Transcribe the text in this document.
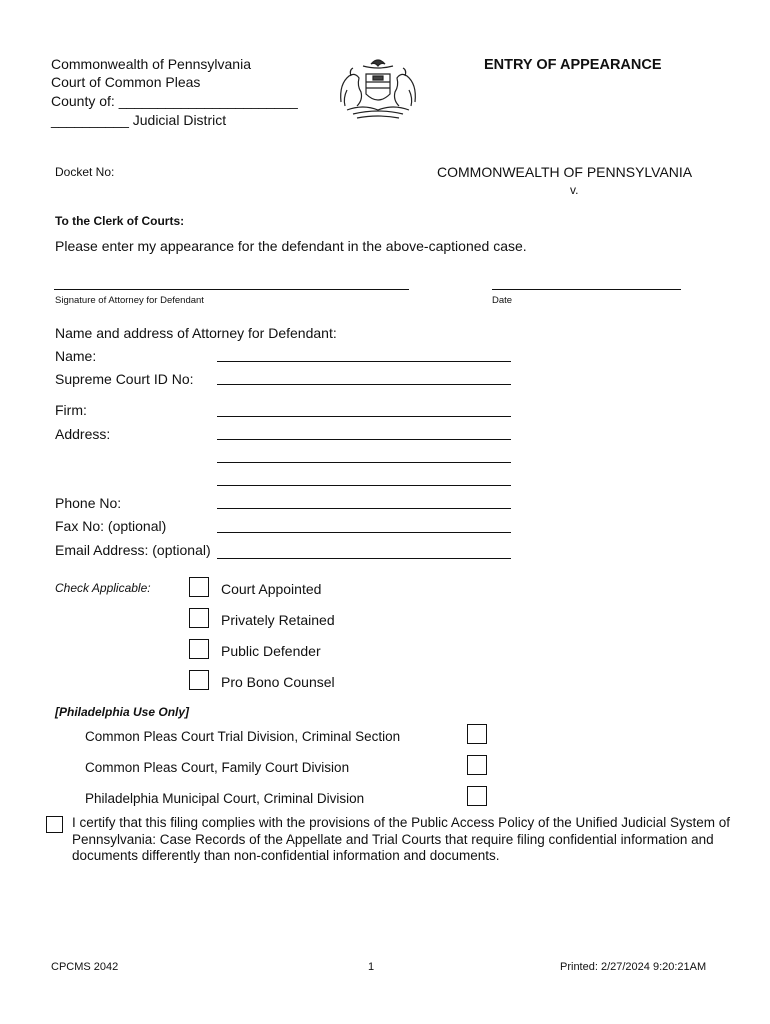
Commonwealth of Pennsylvania
Court of Common Pleas
County of: _______________________
__________ Judicial District
ENTRY OF APPEARANCE
Docket No:	COMMONWEALTH OF PENNSYLVANIA
v.
To the Clerk of Courts:
Please enter my appearance for the defendant in the above-captioned case.
Signature of Attorney for Defendant	Date
Name and address of Attorney for Defendant:
Name:
Supreme Court ID No:
Firm:
Address:
Phone No:
Fax No: (optional)
Email Address: (optional)
Check Applicable:	Court Appointed
Privately Retained
Public Defender
Pro Bono Counsel
[Philadelphia Use Only]
Common Pleas Court Trial Division, Criminal Section
Common Pleas Court, Family Court Division
Philadelphia Municipal Court, Criminal Division
I certify that this filing complies with the provisions of the Public Access Policy of the Unified Judicial System of Pennsylvania: Case Records of the Appellate and Trial Courts that require filing confidential information and documents differently than non-confidential information and documents.
CPCMS 2042	1	Printed: 2/27/2024 9:20:21AM
